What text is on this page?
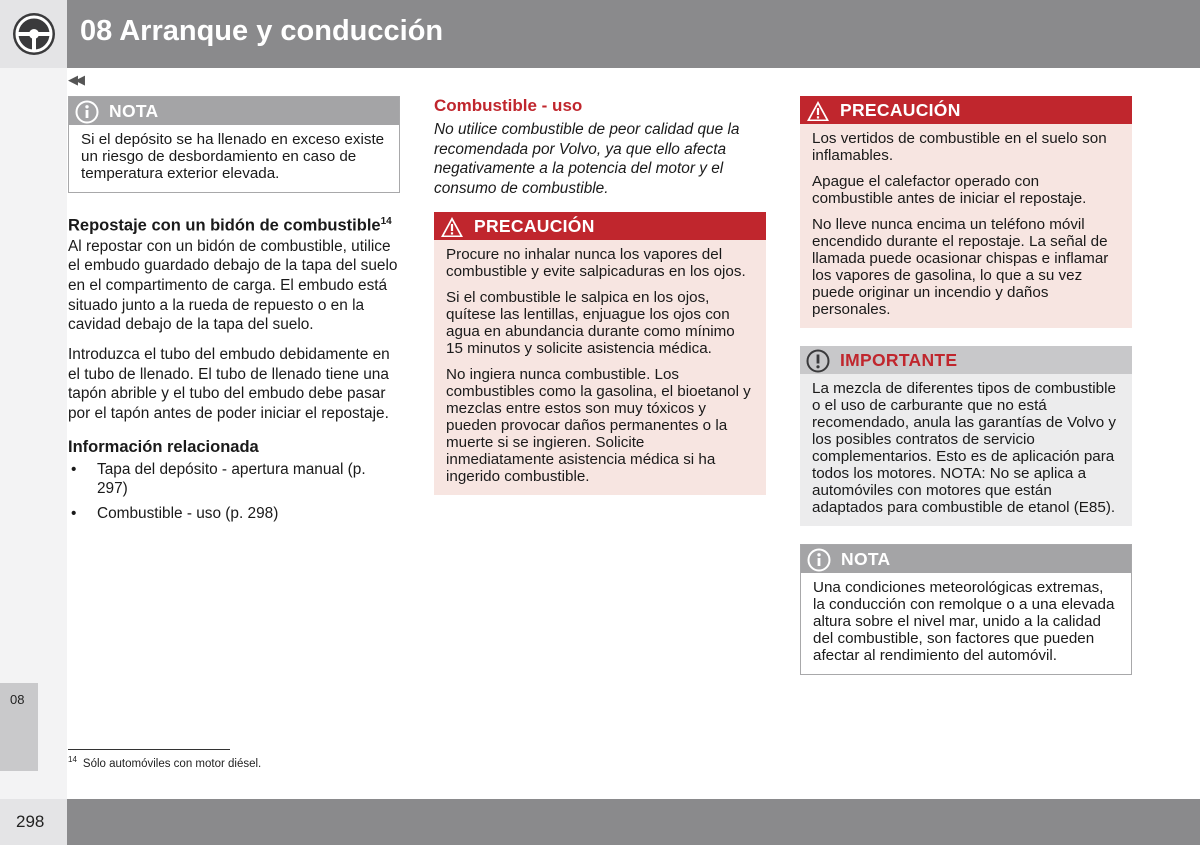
08 Arranque y conducción
◀◀
08
NOTA

Si el depósito se ha llenado en exceso existe un riesgo de desbordamiento en caso de temperatura exterior elevada.

Repostaje con un bidón de combustible$^{14}$

Al repostar con un bidón de combustible, utilice el embudo guardado debajo de la tapa del suelo en el compartimento de carga. El embudo está situado junto a la rueda de repuesto o en la cavidad debajo de la tapa del suelo.

Introduzca el tubo del embudo debidamente en el tubo de llenado. El tubo de llenado tiene una tapón abrible y el tubo del embudo debe pasar por el tapón antes de poder iniciar el repostaje.

Información relacionada
• Tapa del depósito - apertura manual (p. 297)
• Combustible - uso (p. 298)
Combustible - uso

No utilice combustible de peor calidad que la recomendada por Volvo, ya que ello afecta negativamente a la potencia del motor y el consumo de combustible.

PRECAUCIÓN

Procure no inhalar nunca los vapores del combustible y evite salpicaduras en los ojos.

Si el combustible le salpica en los ojos, quítese las lentillas, enjuague los ojos con agua en abundancia durante como mínimo 15 minutos y solicite asistencia médica.

No ingiera nunca combustible. Los combustibles como la gasolina, el bioetanol y mezclas entre estos son muy tóxicos y pueden provocar daños permanentes o la muerte si se ingieren. Solicite inmediatamente asistencia médica si ha ingerido combustible.

PRECAUCIÓN

Los vertidos de combustible en el suelo son inflamables.

Apague el calefactor operado con combustible antes de iniciar el repostaje.

No lleve nunca encima un teléfono móvil encendido durante el repostaje. La señal de llamada puede ocasionar chispas e inflamar los vapores de gasolina, lo que a su vez puede originar un incendio y daños personales.

IMPORTANTE

La mezcla de diferentes tipos de combustible o el uso de carburante que no está recomendado, anula las garantías de Volvo y los posibles contratos de servicio complementarios. Esto es de aplicación para todos los motores. NOTA: No se aplica a automóviles con motores que están adaptados para combustible de etanol (E85).

NOTA

Una condiciones meteorológicas extremas, la conducción con remolque o a una elevada altura sobre el nivel mar, unido a la calidad del combustible, son factores que pueden afectar al rendimiento del automóvil.

$^{14}$ Sólo automóviles con motor diésel.
298
